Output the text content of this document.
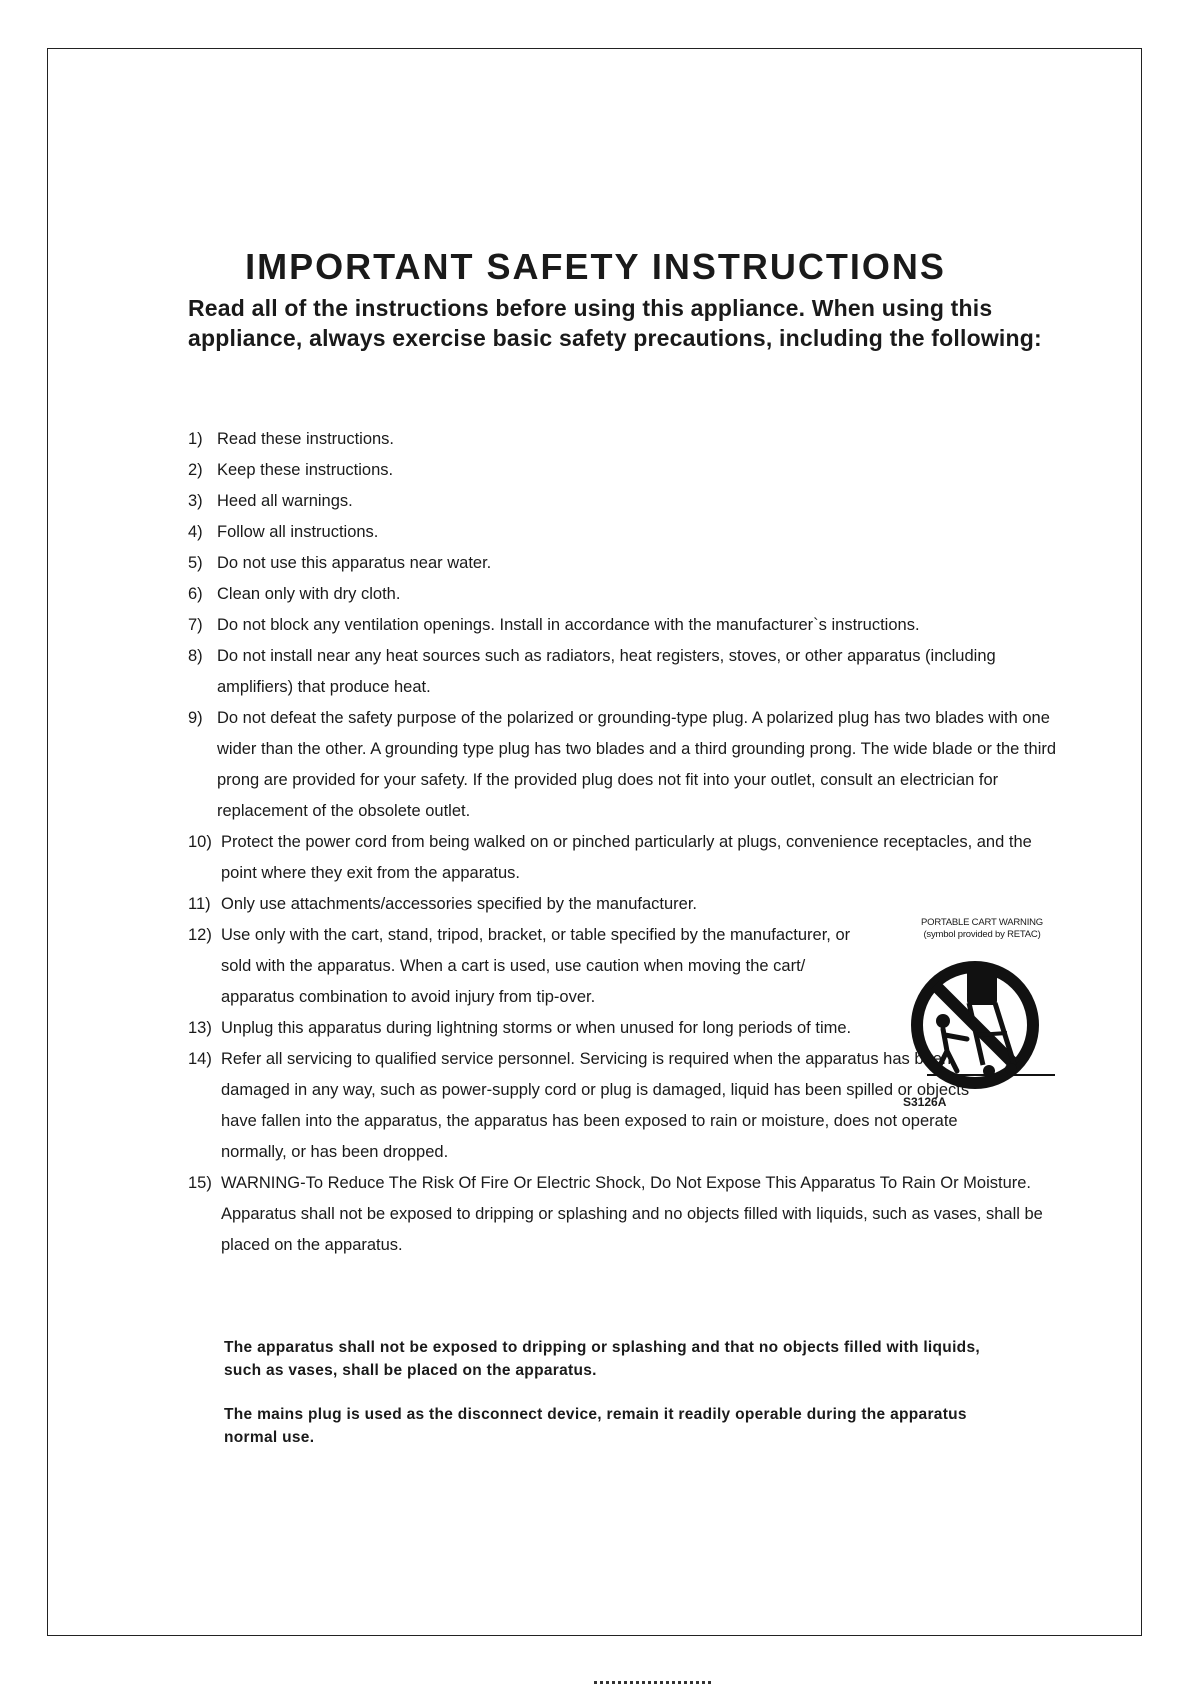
IMPORTANT SAFETY INSTRUCTIONS

Read all of the instructions before using this appliance. When using this appliance, always exercise basic safety precautions, including the following:

1) Read these instructions.
2) Keep these instructions.
3) Heed all warnings.
4) Follow all instructions.
5) Do not use this apparatus near water.
6) Clean only with dry cloth.
7) Do not block any ventilation openings. Install in accordance with the manufacturer`s instructions.
8) Do not install near any heat sources such as radiators, heat registers, stoves, or other apparatus (including amplifiers) that produce heat.
9) Do not defeat the safety purpose of the polarized or grounding-type plug. A polarized plug has two blades with one wider than the other. A grounding type plug has two blades and a third grounding prong. The wide blade or the third prong are provided for your safety. If the provided plug does not fit into your outlet, consult an electrician for replacement of the obsolete outlet.
10) Protect the power cord from being walked on or pinched particularly at plugs, convenience receptacles, and the point where they exit from the apparatus.
11) Only use attachments/accessories specified by the manufacturer.
12) Use only with the cart, stand, tripod, bracket, or table specified by the manufacturer, or sold with the apparatus. When a cart is used, use caution when moving the cart/ apparatus combination to avoid injury from tip-over.
13) Unplug this apparatus during lightning storms or when unused for long periods of time.
14) Refer all servicing to qualified service personnel. Servicing is required when the apparatus has been damaged in any way, such as power-supply cord or plug is damaged, liquid has been spilled or objects have fallen into the apparatus, the apparatus has been exposed to rain or moisture, does not operate normally, or has been dropped.
15) WARNING-To Reduce The Risk Of Fire Or Electric Shock, Do Not Expose This Apparatus To Rain Or Moisture. Apparatus shall not be exposed to dripping or splashing and no objects filled with liquids, such as vases, shall be placed on the apparatus.
PORTABLE CART WARNING
(symbol provided by RETAC)
S3126A

The apparatus shall not be exposed to dripping or splashing and that no objects filled with liquids, such as vases, shall be placed on the apparatus.

The mains plug is used as the disconnect device, remain it readily operable during the apparatus normal use.
